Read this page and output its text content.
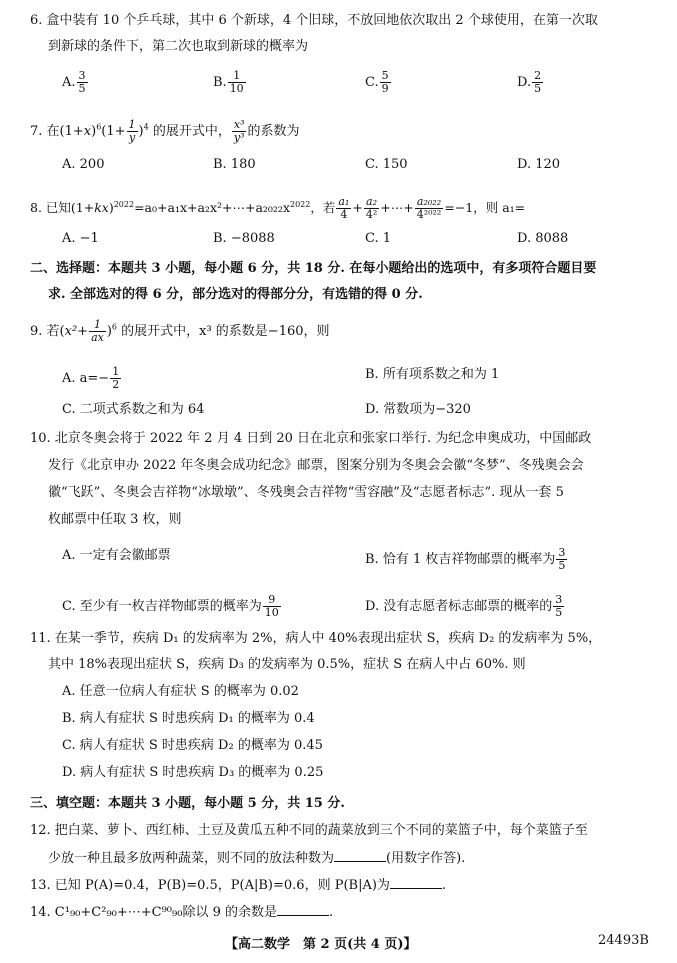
6. 盒中装有 10 个乒乓球，其中 6 个新球，4 个旧球，不放回地依次取出 2 个球使用，在第一次取
到新球的条件下，第二次也取到新球的概率为
A. $\frac{3}{5}$	B. $\frac{1}{10}$	C. $\frac{5}{9}$	D. $\frac{2}{5}$
7. 在$(1+x)^6(1+ \frac{1}{y} )^4$ 的展开式中， $\frac{\text{x³}}{\text{y³}}$ 的系数为
A. 200	B. 180	C. 150	D. 120
8. 已知$(1+kx)^{2022}=a_0+a_1x+a_2x^2+\cdots+a_{2022}x^{2022}$，若 $\frac{\text{a₁}}{4} + \frac{\text{a₂}}{\text{4²}}$ +⋯+ $\frac{\text{a₂₀₂₂}}{\text{4²⁰²²}} =-1$，则 a₁=
A. −1	B. −8088	C. 1	D. 8088
二、选择题：本题共 3 小题，每小题 6 分，共 18 分. 在每小题给出的选项中，有多项符合题目要
求. 全部选对的得 6 分，部分选对的得部分分，有选错的得 0 分.
9. 若$(x^2+ \frac{1}{ax} )^6$ 的展开式中，x³ 的系数是−160，则
A. $a=- \frac{1}{2}$	B. 所有项系数之和为 1
C. 二项式系数之和为 64	D. 常数项为−320
10. 北京冬奥会将于 2022 年 2 月 4 日到 20 日在北京和张家口举行. 为纪念申奥成功，中国邮政
发行《北京申办 2022 年冬奥会成功纪念》邮票，图案分别为冬奥会会徽“冬梦”、冬残奥会会
徽“飞跃”、冬奥会吉祥物“冰墩墩”、冬残奥会吉祥物“雪容融”及“志愿者标志”. 现从一套 5
枚邮票中任取 3 枚，则
A. 一定有会徽邮票	B. 恰有 1 枚吉祥物邮票的概率为 $\frac{3}{5}$
C. 至少有一枚吉祥物邮票的概率为 $\frac{9}{10}$	D. 没有志愿者标志邮票的概率的 $\frac{3}{5}$
11. 在某一季节，疾病 D₁ 的发病率为 2%，病人中 40%表现出症状 S，疾病 D₂ 的发病率为 5%，
其中 18%表现出症状 S，疾病 D₃ 的发病率为 0.5%，症状 S 在病人中占 60%. 则
A. 任意一位病人有症状 S 的概率为 0.02
B. 病人有症状 S 时患疾病 D₁ 的概率为 0.4
C. 病人有症状 S 时患疾病 D₂ 的概率为 0.45
D. 病人有症状 S 时患疾病 D₃ 的概率为 0.25
三、填空题：本题共 3 小题，每小题 5 分，共 15 分.
12. 把白菜、萝卜、西红柿、土豆及黄瓜五种不同的蔬菜放到三个不同的菜篮子中，每个菜篮子至
少放一种且最多放两种蔬菜，则不同的放法种数为	(用数字作答).
13. 已知 P(A)=0.4，P(B)=0.5，P(A|B)=0.6，则 P(B|A)为	.
14. C¹₉₀+C²₉₀+⋯+C⁹⁰₉₀除以 9 的余数是	.
【高二数学　第 2 页(共 4 页)】	24493B
